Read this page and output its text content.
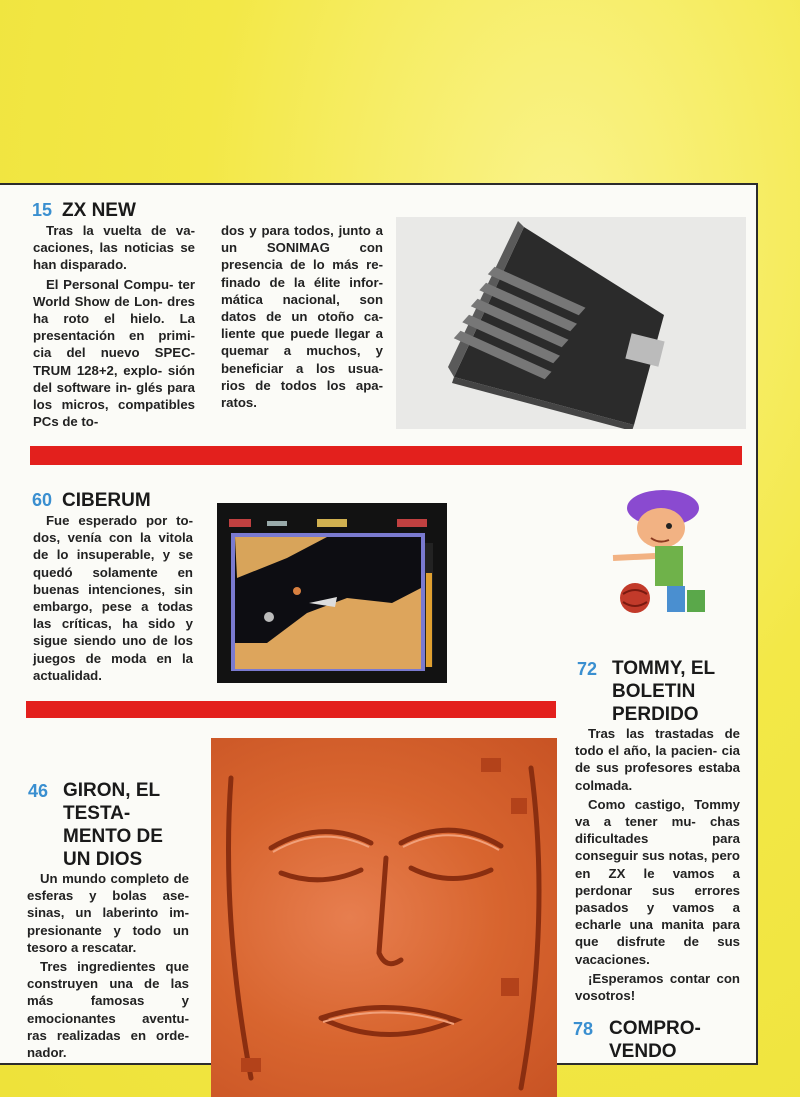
15 ZX NEW

Tras la vuelta de va- caciones, las noticias se han disparado.

El Personal Compu- ter World Show de Lon- dres ha roto el hielo. La presentación en primi- cia del nuevo SPEC- TRUM 128+2, explo- sión del software in- glés para los micros, compatibles PCs de to-

dos y para todos, junto a un SONIMAG con presencia de lo más re- finado de la élite infor- mática nacional, son datos de un otoño ca- liente que puede llegar a quemar a muchos, y beneficiar a los usua- rios de todos los apa- ratos.

60 CIBERUM

Fue esperado por to- dos, venía con la vitola de lo insuperable, y se quedó solamente en buenas intenciones, sin embargo, pese a todas las críticas, ha sido y sigue siendo uno de los juegos de moda en la actualidad.	72 TOMMY, EL
BOLETIN
PERDIDO

Tras las trastadas de todo el año, la pacien- cia de sus profesores estaba colmada.

Como castigo, Tommy va a tener mu- chas dificultades para conseguir sus notas, pero en ZX le vamos a perdonar sus errores pasados y vamos a echarle una manita para que disfrute de sus vacaciones.

¡Esperamos contar con vosotros!

46 GIRON, EL
TESTA-
MENTO DE
UN DIOS

Un mundo completo de esferas y bolas ase- sinas, un laberinto im- presionante y todo un tesoro a rescatar.

Tres ingredientes que construyen una de las más famosas y emocionantes aventu- ras realizadas en orde- nador.

78 COMPRO-
VENDO
